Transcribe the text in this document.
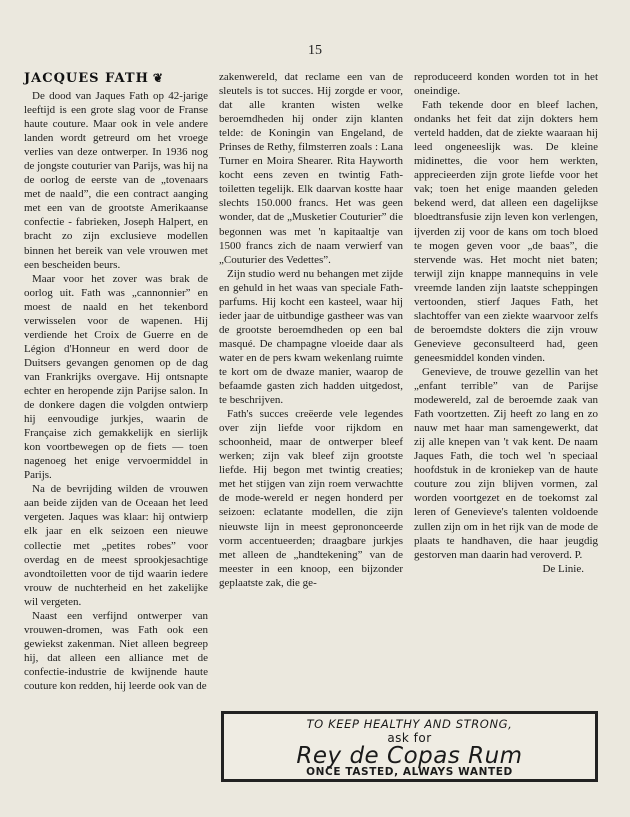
15
JACQUES FATH ❦

De dood van Jaques Fath op 42-jarige leeftijd is een grote slag voor de Franse haute couture. Maar ook in vele andere landen wordt getreurd om het vroege verlies van deze ontwerper. In 1936 nog de jongste couturier van Parijs, was hij na de oorlog de eerste van de „tovenaars met de naald”, die een contract aanging met een van de grootste Amerikaanse confectie - fabrieken, Joseph Halpert, en bracht zo zijn exclusieve modellen binnen het bereik van vele vrouwen met een bescheiden beurs.

Maar voor het zover was brak de oorlog uit. Fath was „cannonnier” en moest de naald en het tekenbord verwisselen voor de wapenen. Hij verdiende het Croix de Guerre en de Légion d'Honneur en werd door de Duitsers gevangen genomen op de dag van Frankrijks overgave. Hij ontsnapte echter en heropende zijn Parijse salon. In de donkere dagen die volgden ontwierp hij eenvoudige jurkjes, waarin de Française zich gemakkelijk en sierlijk kon voortbewegen op de fiets — toen nagenoeg het enige vervoermiddel in Parijs.

Na de bevrijding wilden de vrouwen aan beide zijden van de Oceaan het leed vergeten. Jaques was klaar: hij ontwierp elk jaar en elk seizoen een nieuwe collectie met „petites robes” voor overdag en de meest sprookjesachtige avondtoiletten voor de tijd waarin iedere vrouw de nuchterheid en het zakelijke wil vergeten.

Naast een verfijnd ontwerper van vrouwen-dromen, was Fath ook een gewiekst zakenman. Niet alleen begreep hij, dat alleen een alliance met de confectie-industrie de kwijnende haute couture kon redden, hij leerde ook van de

zakenwereld, dat reclame een van de sleutels is tot succes. Hij zorgde er voor, dat alle kranten wisten welke beroemdheden hij onder zijn klanten telde: de Koningin van Engeland, de Prinses de Rethy, filmsterren zoals : Lana Turner en Moira Shearer. Rita Hayworth kocht eens zeven en twintig Fath-toiletten tegelijk. Elk daarvan kostte haar slechts 150.000 francs. Het was geen wonder, dat de „Musketier Couturier” die begonnen was met 'n kapitaaltje van 1500 francs zich de naam verwierf van „Couturier des Vedettes”.

Zijn studio werd nu behangen met zijde en gehuld in het waas van speciale Fath-parfums. Hij kocht een kasteel, waar hij ieder jaar de uitbundige gastheer was van de grootste beroemdheden op een bal masqué. De champagne vloeide daar als water en de pers kwam wekenlang ruimte te kort om de dwaze manier, waarop de befaamde gasten zich hadden uitgedost, te beschrijven.

Fath's succes creëerde vele legendes over zijn liefde voor rijkdom en schoonheid, maar de ontwerper bleef werken; zijn vak bleef zijn grootste liefde. Hij begon met twintig creaties; met het stijgen van zijn roem verwachtte de mode-wereld er negen honderd per seizoen: eclatante modellen, die zijn nieuwste lijn in meest geprononceerde vorm accentueerden; draagbare jurkjes met alleen de „handtekening” van de meester in een knoop, een bijzonder geplaatste zak, die ge-

reproduceerd konden worden tot in het oneindige.

Fath tekende door en bleef lachen, ondanks het feit dat zijn dokters hem verteld hadden, dat de ziekte waaraan hij leed ongeneeslijk was. De kleine midinettes, die voor hem werkten, apprecieerden zijn grote liefde voor het vak; toen het enige maanden geleden bekend werd, dat alleen een dagelijkse bloedtransfusie zijn leven kon verlengen, ijverden zij voor de kans om toch bloed te mogen geven voor „de baas”, die stervende was. Het mocht niet baten; terwijl zijn knappe mannequins in vele vreemde landen zijn laatste scheppingen vertoonden, stierf Jaques Fath, het slachtoffer van een ziekte waarvoor zelfs de beroemdste dokters die zijn vrouw Genevieve geconsulteerd had, geen geneesmiddel konden vinden.

Genevieve, de trouwe gezellin van het „enfant terrible” van de Parijse modewereld, zal de beroemde zaak van Fath voortzetten. Zij heeft zo lang en zo nauw met haar man samengewerkt, dat zij alle knepen van 't vak kent. De naam Jaques Fath, die toch wel 'n speciaal hoofdstuk in de kroniekep van de haute couture zou zijn blijven vormen, zal worden voortgezet en de toekomst zal leren of Genevieve's talenten voldoende zullen zijn om in het rijk van de mode de plaats te handhaven, die haar jeugdig gestorven man daarin had veroverd. P.

De Linie.

TO KEEP HEALTHY AND STRONG,
ask for
Rey de Copas Rum
ONCE TASTED, ALWAYS WANTED
